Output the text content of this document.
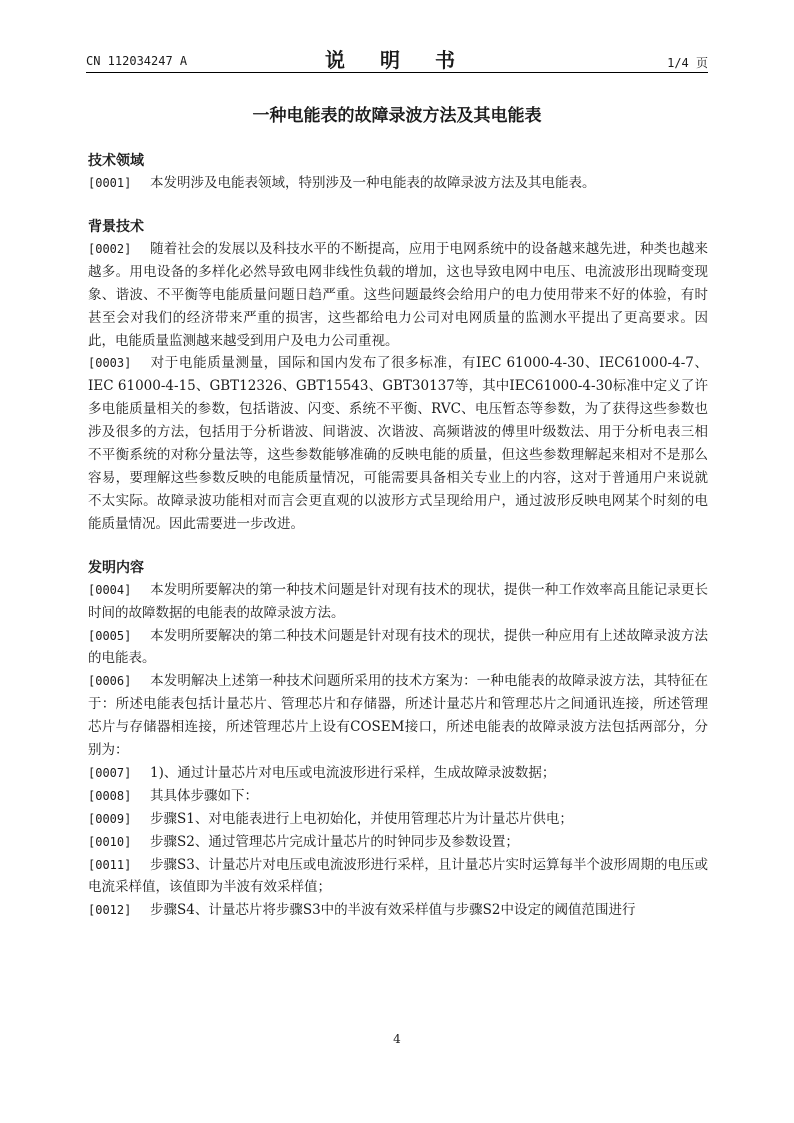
CN 112034247 A	说 明 书	1/4 页
一种电能表的故障录波方法及其电能表
技术领域
[0001] 本发明涉及电能表领域，特别涉及一种电能表的故障录波方法及其电能表。
背景技术
[0002] 随着社会的发展以及科技水平的不断提高，应用于电网系统中的设备越来越先进，种类也越来越多。用电设备的多样化必然导致电网非线性负载的增加，这也导致电网中电压、电流波形出现畸变现象、谐波、不平衡等电能质量问题日趋严重。这些问题最终会给用户的电力使用带来不好的体验，有时甚至会对我们的经济带来严重的损害，这些都给电力公司对电网质量的监测水平提出了更高要求。因此，电能质量监测越来越受到用户及电力公司重视。
[0003] 对于电能质量测量，国际和国内发布了很多标准，有IEC 61000-4-30、IEC61000-4-7、IEC 61000-4-15、GBT12326、GBT15543、GBT30137等，其中IEC61000-4-30标准中定义了许多电能质量相关的参数，包括谐波、闪变、系统不平衡、RVC、电压暂态等参数，为了获得这些参数也涉及很多的方法，包括用于分析谐波、间谐波、次谐波、高频谐波的傅里叶级数法、用于分析电表三相不平衡系统的对称分量法等，这些参数能够准确的反映电能的质量，但这些参数理解起来相对不是那么容易，要理解这些参数反映的电能质量情况，可能需要具备相关专业上的内容，这对于普通用户来说就不太实际。故障录波功能相对而言会更直观的以波形方式呈现给用户，通过波形反映电网某个时刻的电能质量情况。因此需要进一步改进。
发明内容
[0004] 本发明所要解决的第一种技术问题是针对现有技术的现状，提供一种工作效率高且能记录更长时间的故障数据的电能表的故障录波方法。
[0005] 本发明所要解决的第二种技术问题是针对现有技术的现状，提供一种应用有上述故障录波方法的电能表。
[0006] 本发明解决上述第一种技术问题所采用的技术方案为：一种电能表的故障录波方法，其特征在于：所述电能表包括计量芯片、管理芯片和存储器，所述计量芯片和管理芯片之间通讯连接，所述管理芯片与存储器相连接，所述管理芯片上设有COSEM接口，所述电能表的故障录波方法包括两部分，分别为：
[0007] 1)、通过计量芯片对电压或电流波形进行采样，生成故障录波数据；
[0008] 其具体步骤如下：
[0009] 步骤S1、对电能表进行上电初始化，并使用管理芯片为计量芯片供电；
[0010] 步骤S2、通过管理芯片完成计量芯片的时钟同步及参数设置；
[0011] 步骤S3、计量芯片对电压或电流波形进行采样，且计量芯片实时运算每半个波形周期的电压或电流采样值，该值即为半波有效采样值；
[0012] 步骤S4、计量芯片将步骤S3中的半波有效采样值与步骤S2中设定的阈值范围进行
4
